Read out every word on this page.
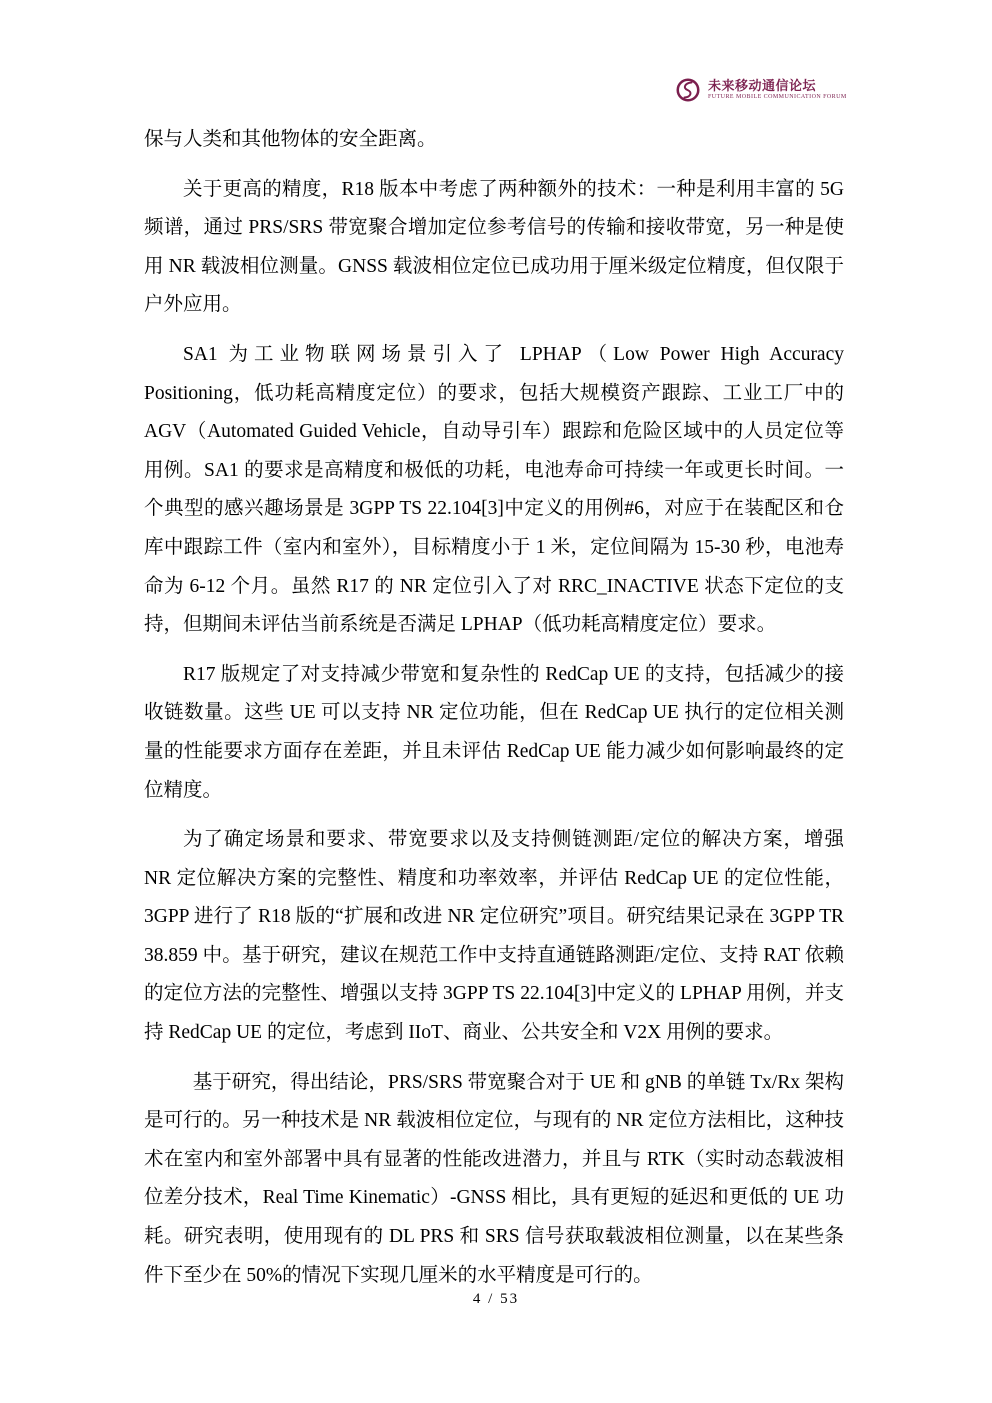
未来移动通信论坛
FUTURE MOBILE COMMUNICATION FORUM

保与人类和其他物体的安全距离。

关于更高的精度，R18 版本中考虑了两种额外的技术：一种是利用丰富的 5G 频谱，通过 PRS/SRS 带宽聚合增加定位参考信号的传输和接收带宽，另一种是使用 NR 载波相位测量。GNSS 载波相位定位已成功用于厘米级定位精度，但仅限于户外应用。

SA1 为工业物联网场景引入了 LPHAP（Low Power High Accuracy Positioning，低功耗高精度定位）的要求，包括大规模资产跟踪、工业工厂中的 AGV（Automated Guided Vehicle，自动导引车）跟踪和危险区域中的人员定位等用例。SA1 的要求是高精度和极低的功耗，电池寿命可持续一年或更长时间。一个典型的感兴趣场景是 3GPP TS 22.104[3]中定义的用例#6，对应于在装配区和仓库中跟踪工件（室内和室外），目标精度小于 1 米，定位间隔为 15-30 秒，电池寿命为 6-12 个月。虽然 R17 的 NR 定位引入了对 RRC_INACTIVE 状态下定位的支持，但期间未评估当前系统是否满足 LPHAP（低功耗高精度定位）要求。

R17 版规定了对支持减少带宽和复杂性的 RedCap UE 的支持，包括减少的接收链数量。这些 UE 可以支持 NR 定位功能，但在 RedCap UE 执行的定位相关测量的性能要求方面存在差距，并且未评估 RedCap UE 能力减少如何影响最终的定位精度。

为了确定场景和要求、带宽要求以及支持侧链测距/定位的解决方案，增强 NR 定位解决方案的完整性、精度和功率效率，并评估 RedCap UE 的定位性能，3GPP 进行了 R18 版的“扩展和改进 NR 定位研究”项目。研究结果记录在 3GPP TR 38.859 中。基于研究，建议在规范工作中支持直通链路测距/定位、支持 RAT 依赖的定位方法的完整性、增强以支持 3GPP TS 22.104[3]中定义的 LPHAP 用例，并支持 RedCap UE 的定位，考虑到 IIoT、商业、公共安全和 V2X 用例的要求。

基于研究，得出结论，PRS/SRS 带宽聚合对于 UE 和 gNB 的单链 Tx/Rx 架构是可行的。另一种技术是 NR 载波相位定位，与现有的 NR 定位方法相比，这种技术在室内和室外部署中具有显著的性能改进潜力，并且与 RTK（实时动态载波相位差分技术，Real Time Kinematic）-GNSS 相比，具有更短的延迟和更低的 UE 功耗。研究表明，使用现有的 DL PRS 和 SRS 信号获取载波相位测量，以在某些条件下至少在 50%的情况下实现几厘米的水平精度是可行的。

4 / 53
